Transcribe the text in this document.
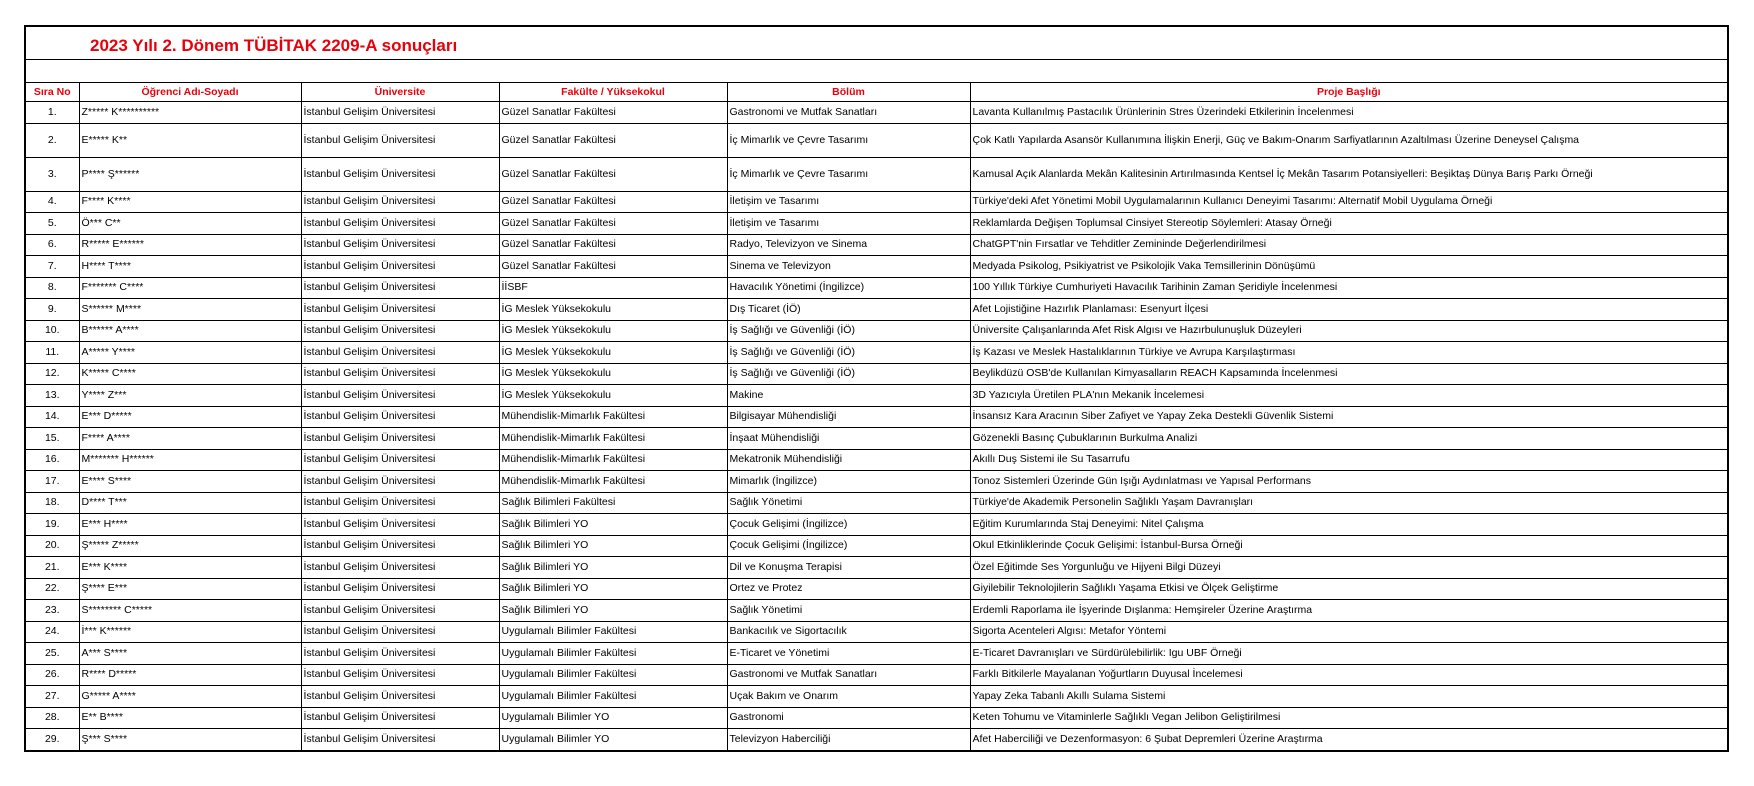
2023 Yılı 2. Dönem TÜBİTAK 2209-A sonuçları
Sıra No	Öğrenci Adı-Soyadı	Üniversite	Fakülte / Yüksekokul	Bölüm	Proje Başlığı
1.	Z***** K**********	İstanbul Gelişim Üniversitesi	Güzel Sanatlar Fakültesi	Gastronomi ve Mutfak Sanatları	Lavanta Kullanılmış Pastacılık Ürünlerinin Stres Üzerindeki Etkilerinin İncelenmesi
2.	E***** K**	İstanbul Gelişim Üniversitesi	Güzel Sanatlar Fakültesi	İç Mimarlık ve Çevre Tasarımı	Çok Katlı Yapılarda Asansör Kullanımına İlişkin Enerji, Güç ve Bakım-Onarım Sarfiyatlarının Azaltılması Üzerine Deneysel Çalışma
3.	P**** Ş******	İstanbul Gelişim Üniversitesi	Güzel Sanatlar Fakültesi	İç Mimarlık ve Çevre Tasarımı	Kamusal Açık Alanlarda Mekân Kalitesinin Artırılmasında Kentsel İç Mekân Tasarım Potansiyelleri: Beşiktaş Dünya Barış Parkı Örneği
4.	F**** K****	İstanbul Gelişim Üniversitesi	Güzel Sanatlar Fakültesi	İletişim ve Tasarımı	Türkiye'deki Afet Yönetimi Mobil Uygulamalarının Kullanıcı Deneyimi Tasarımı: Alternatif Mobil Uygulama Örneği
5.	Ö*** C**	İstanbul Gelişim Üniversitesi	Güzel Sanatlar Fakültesi	İletişim ve Tasarımı	Reklamlarda Değişen Toplumsal Cinsiyet Stereotip Söylemleri: Atasay Örneği
6.	R***** E******	İstanbul Gelişim Üniversitesi	Güzel Sanatlar Fakültesi	Radyo, Televizyon ve Sinema	ChatGPT'nin Fırsatlar ve Tehditler Zemininde Değerlendirilmesi
7.	H**** T****	İstanbul Gelişim Üniversitesi	Güzel Sanatlar Fakültesi	Sinema ve Televizyon	Medyada Psikolog, Psikiyatrist ve Psikolojik Vaka Temsillerinin Dönüşümü
8.	F******* C****	İstanbul Gelişim Üniversitesi	İİSBF	Havacılık Yönetimi (İngilizce)	100 Yıllık Türkiye Cumhuriyeti Havacılık Tarihinin Zaman Şeridiyle İncelenmesi
9.	S****** M****	İstanbul Gelişim Üniversitesi	İG Meslek Yüksekokulu	Dış Ticaret (İÖ)	Afet Lojistiğine Hazırlık Planlaması: Esenyurt İlçesi
10.	B****** A****	İstanbul Gelişim Üniversitesi	İG Meslek Yüksekokulu	İş Sağlığı ve Güvenliği (İÖ)	Üniversite Çalışanlarında Afet Risk Algısı ve Hazırbulunuşluk Düzeyleri
11.	A***** Y****	İstanbul Gelişim Üniversitesi	İG Meslek Yüksekokulu	İş Sağlığı ve Güvenliği (İÖ)	İş Kazası ve Meslek Hastalıklarının Türkiye ve Avrupa Karşılaştırması
12.	K***** C****	İstanbul Gelişim Üniversitesi	İG Meslek Yüksekokulu	İş Sağlığı ve Güvenliği (İÖ)	Beylikdüzü OSB'de Kullanılan Kimyasalların REACH Kapsamında İncelenmesi
13.	Y**** Z***	İstanbul Gelişim Üniversitesi	İG Meslek Yüksekokulu	Makine	3D Yazıcıyla Üretilen PLA'nın Mekanik İncelemesi
14.	E*** D*****	İstanbul Gelişim Üniversitesi	Mühendislik-Mimarlık Fakültesi	Bilgisayar Mühendisliği	İnsansız Kara Aracının Siber Zafiyet ve Yapay Zeka Destekli Güvenlik Sistemi
15.	F**** A****	İstanbul Gelişim Üniversitesi	Mühendislik-Mimarlık Fakültesi	İnşaat Mühendisliği	Gözenekli Basınç Çubuklarının Burkulma Analizi
16.	M******* H******	İstanbul Gelişim Üniversitesi	Mühendislik-Mimarlık Fakültesi	Mekatronik Mühendisliği	Akıllı Duş Sistemi ile Su Tasarrufu
17.	E**** S****	İstanbul Gelişim Üniversitesi	Mühendislik-Mimarlık Fakültesi	Mimarlık (İngilizce)	Tonoz Sistemleri Üzerinde Gün Işığı Aydınlatması ve Yapısal Performans
18.	D**** T***	İstanbul Gelişim Üniversitesi	Sağlık Bilimleri Fakültesi	Sağlık Yönetimi	Türkiye'de Akademik Personelin Sağlıklı Yaşam Davranışları
19.	E*** H****	İstanbul Gelişim Üniversitesi	Sağlık Bilimleri YO	Çocuk Gelişimi (İngilizce)	Eğitim Kurumlarında Staj Deneyimi: Nitel Çalışma
20.	Ş***** Z*****	İstanbul Gelişim Üniversitesi	Sağlık Bilimleri YO	Çocuk Gelişimi (İngilizce)	Okul Etkinliklerinde Çocuk Gelişimi: İstanbul-Bursa Örneği
21.	E*** K****	İstanbul Gelişim Üniversitesi	Sağlık Bilimleri YO	Dil ve Konuşma Terapisi	Özel Eğitimde Ses Yorgunluğu ve Hijyeni Bilgi Düzeyi
22.	Ş**** E***	İstanbul Gelişim Üniversitesi	Sağlık Bilimleri YO	Ortez ve Protez	Giyilebilir Teknolojilerin Sağlıklı Yaşama Etkisi ve Ölçek Geliştirme
23.	S******** C*****	İstanbul Gelişim Üniversitesi	Sağlık Bilimleri YO	Sağlık Yönetimi	Erdemli Raporlama ile İşyerinde Dışlanma: Hemşireler Üzerine Araştırma
24.	İ*** K******	İstanbul Gelişim Üniversitesi	Uygulamalı Bilimler Fakültesi	Bankacılık ve Sigortacılık	Sigorta Acenteleri Algısı: Metafor Yöntemi
25.	A*** S****	İstanbul Gelişim Üniversitesi	Uygulamalı Bilimler Fakültesi	E-Ticaret ve Yönetimi	E-Ticaret Davranışları ve Sürdürülebilirlik: Igu UBF Örneği
26.	R**** D*****	İstanbul Gelişim Üniversitesi	Uygulamalı Bilimler Fakültesi	Gastronomi ve Mutfak Sanatları	Farklı Bitkilerle Mayalanan Yoğurtların Duyusal İncelemesi
27.	G***** A****	İstanbul Gelişim Üniversitesi	Uygulamalı Bilimler Fakültesi	Uçak Bakım ve Onarım	Yapay Zeka Tabanlı Akıllı Sulama Sistemi
28.	E** B****	İstanbul Gelişim Üniversitesi	Uygulamalı Bilimler YO	Gastronomi	Keten Tohumu ve Vitaminlerle Sağlıklı Vegan Jelibon Geliştirilmesi
29.	Ş*** S****	İstanbul Gelişim Üniversitesi	Uygulamalı Bilimler YO	Televizyon Haberciliği	Afet Haberciliği ve Dezenformasyon: 6 Şubat Depremleri Üzerine Araştırma
